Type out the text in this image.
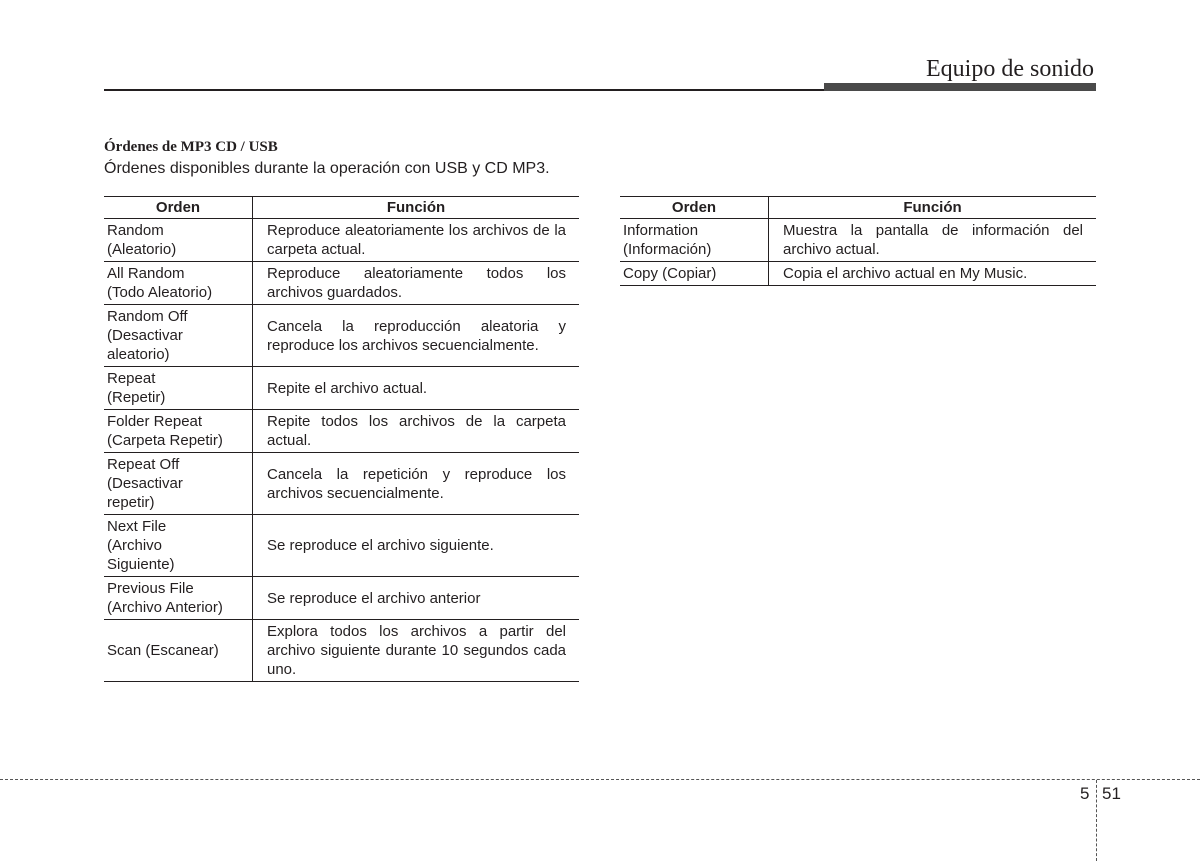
Equipo de sonido
Órdenes de MP3 CD / USB
Órdenes disponibles durante la operación con USB y CD MP3.
Orden	Función
Random
(Aleatorio)	Reproduce aleatoriamente los archivos de la carpeta actual.
All Random
(Todo Aleatorio)	Reproduce aleatoriamente todos los archivos guardados.
Random Off
(Desactivar
aleatorio)	Cancela la reproducción aleatoria y reproduce los archivos secuencialmente.
Repeat
(Repetir)	Repite el archivo actual.
Folder Repeat
(Carpeta Repetir)	Repite todos los archivos de la carpeta actual.
Repeat Off
(Desactivar
repetir)	Cancela la repetición y reproduce los archivos secuencialmente.
Next File
(Archivo
Siguiente)	Se reproduce el archivo siguiente.
Previous File
(Archivo Anterior)	Se reproduce el archivo anterior
Scan (Escanear)	Explora todos los archivos a partir del archivo siguiente durante 10 segundos cada uno.
Orden	Función
Information
(Información)	Muestra la pantalla de información del archivo actual.
Copy (Copiar)	Copia el archivo actual en My Music.
5 51
